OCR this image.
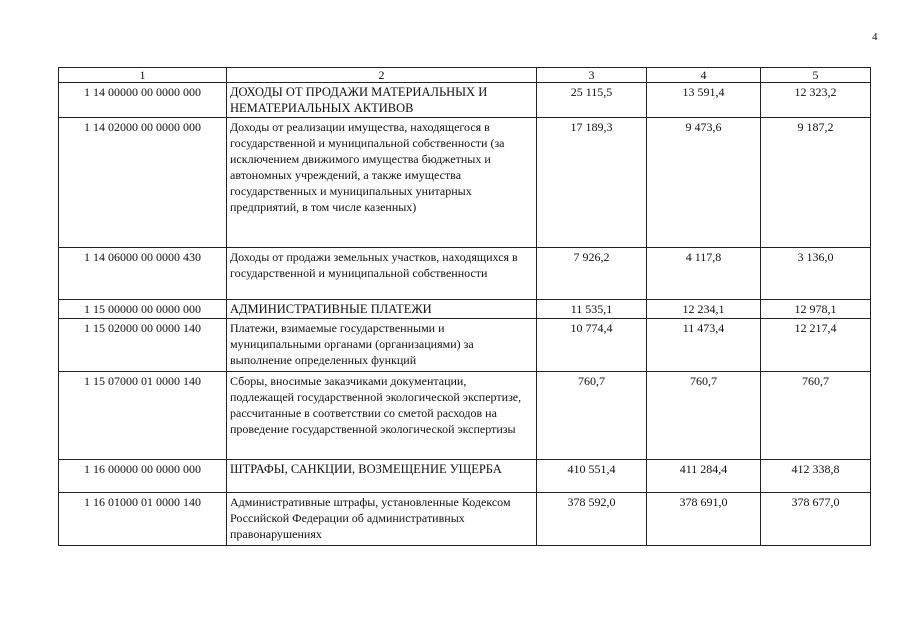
4
1	2	3	4	5
1 14 00000 00 0000 000	ДОХОДЫ ОТ ПРОДАЖИ МАТЕРИАЛЬНЫХ И НЕМАТЕРИАЛЬНЫХ АКТИВОВ	25 115,5	13 591,4	12 323,2
1 14 02000 00 0000 000	Доходы от реализации имущества, находящегося в государственной и муниципальной собственности (за исключением движимого имущества бюджетных и автономных учреждений, а также имущества государственных и муниципальных унитарных предприятий, в том числе казенных)	17 189,3	9 473,6	9 187,2
1 14 06000 00 0000 430	Доходы от продажи земельных участков, находящихся в государственной и муниципальной собственности	7 926,2	4 117,8	3 136,0
1 15 00000 00 0000 000	АДМИНИСТРАТИВНЫЕ ПЛАТЕЖИ	11 535,1	12 234,1	12 978,1
1 15 02000 00 0000 140	Платежи, взимаемые государственными и муниципальными органами (организациями) за выполнение определенных функций	10 774,4	11 473,4	12 217,4
1 15 07000 01 0000 140	Сборы, вносимые заказчиками документации, подлежащей государственной экологической экспертизе, рассчитанные в соответствии со сметой расходов на проведение государственной экологической экспертизы	760,7	760,7	760,7
1 16 00000 00 0000 000	ШТРАФЫ, САНКЦИИ, ВОЗМЕЩЕНИЕ УЩЕРБА	410 551,4	411 284,4	412 338,8
1 16 01000 01 0000 140	Административные штрафы, установленные Кодексом Российской Федерации об административных правонарушениях	378 592,0	378 691,0	378 677,0
